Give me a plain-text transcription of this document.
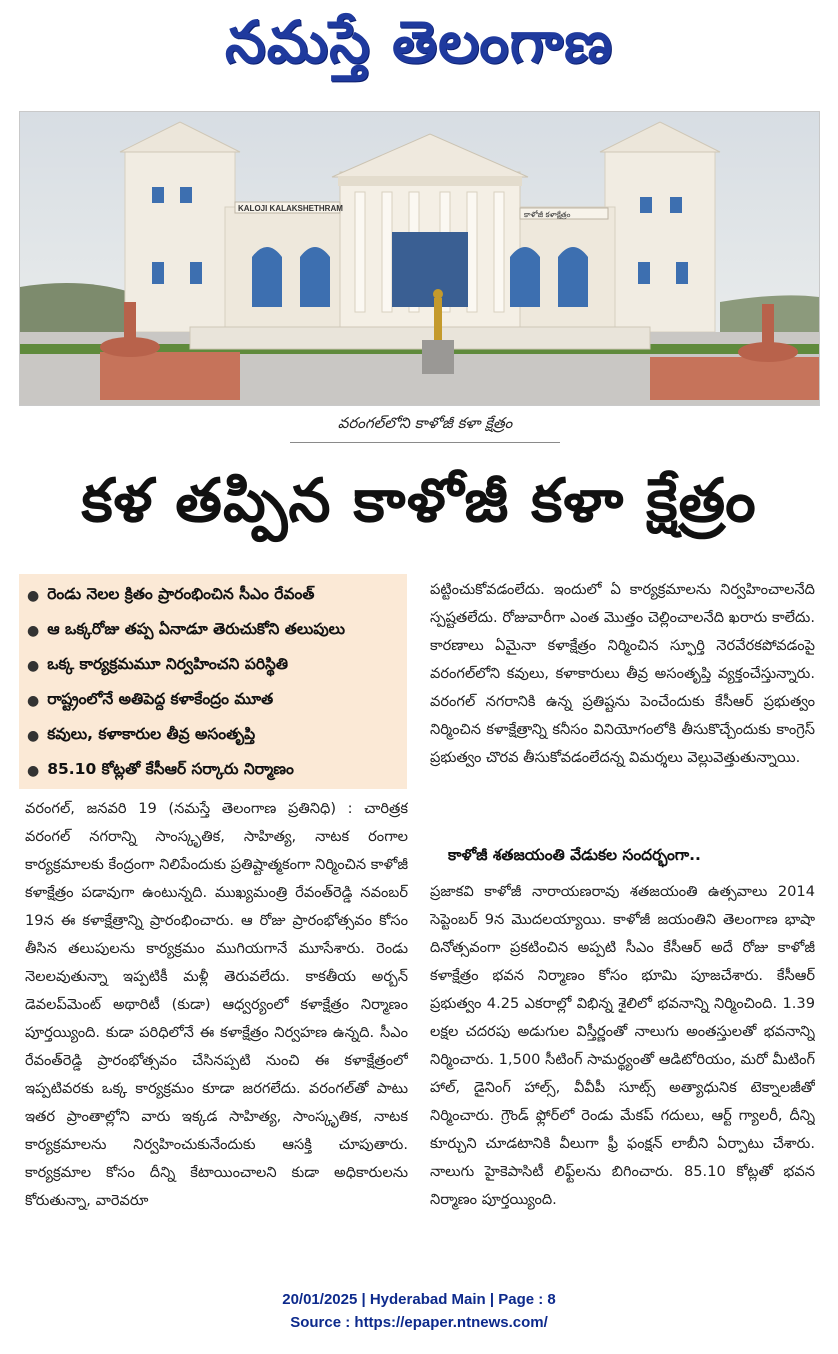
నమస్తే తెలంగాణ
KALOJI KALAKSHETHRAM
కాళోజీ కళాక్షేత్రం
వరంగల్‌లోని కాళోజీ కళా క్షేత్రం
కళ తప్పిన కాళోజీ కళా క్షేత్రం
● రెండు నెలల క్రితం ప్రారంభించిన సీఎం రేవంత్
● ఆ ఒక్కరోజు తప్ప ఏనాడూ తెరుచుకోని తలుపులు
● ఒక్క కార్యక్రమమూ నిర్వహించని పరిస్థితి
● రాష్ట్రంలోనే అతిపెద్ద కళాకేంద్రం మూత
● కవులు, కళాకారుల తీవ్ర అసంతృప్తి
● 85.10 కోట్లతో కేసీఆర్ సర్కారు నిర్మాణం
వరంగల్, జనవరి 19 (నమస్తే తెలంగాణ ప్రతినిధి) : చారిత్రక వరంగల్ నగరాన్ని సాంస్కృతిక, సాహిత్య, నాటక రంగాల కార్యక్రమాలకు కేంద్రంగా నిలిపేందుకు ప్రతిష్టాత్మకంగా నిర్మించిన కాళోజీ కళాక్షేత్రం పడావుగా ఉంటున్నది. ముఖ్యమంత్రి రేవంత్‌రెడ్డి నవంబర్ 19న ఈ కళాక్షేత్రాన్ని ప్రారంభించారు. ఆ రోజు ప్రారంభోత్సవం కోసం తీసిన తలుపులను కార్యక్రమం ముగియగానే మూసేశారు. రెండు నెలలవుతున్నా ఇప్పటికీ మళ్లీ తెరువలేదు. కాకతీయ అర్బన్ డెవలప్‌మెంట్ అథారిటీ (కుడా) ఆధ్వర్యంలో కళాక్షేత్రం నిర్మాణం పూర్తయ్యింది. కుడా పరిధిలోనే ఈ కళాక్షేత్రం నిర్వహణ ఉన్నది. సీఎం రేవంత్‌రెడ్డి ప్రారంభోత్సవం చేసినప్పటి నుంచి ఈ కళాక్షేత్రంలో ఇప్పటివరకు ఒక్క కార్యక్రమం కూడా జరగలేదు. వరంగల్‌తో పాటు ఇతర ప్రాంతాల్లోని వారు ఇక్కడ సాహిత్య, సాంస్కృతిక, నాటక కార్యక్రమాలను నిర్వహించుకునేందుకు ఆసక్తి చూపుతారు. కార్యక్రమాల కోసం దీన్ని కేటాయించాలని కుడా అధికారులను కోరుతున్నా, వారెవరూ
పట్టించుకోవడంలేదు. ఇందులో ఏ కార్యక్రమాలను నిర్వహించాలనేది స్పష్టతలేదు. రోజువారీగా ఎంత మొత్తం చెల్లించాలనేది ఖరారు కాలేదు. కారణాలు ఏమైనా కళాక్షేత్రం నిర్మించిన స్ఫూర్తి నెరవేరకపోవడంపై వరంగల్‌లోని కవులు, కళాకారులు తీవ్ర అసంతృప్తి వ్యక్తంచేస్తున్నారు. వరంగల్ నగరానికి ఉన్న ప్రతిష్టను పెంచేందుకు కేసీఆర్ ప్రభుత్వం నిర్మించిన కళాక్షేత్రాన్ని కనీసం వినియోగంలోకి తీసుకొచ్చేందుకు కాంగ్రెస్ ప్రభుత్వం చొరవ తీసుకోవడంలేదన్న విమర్శలు వెల్లువెత్తుతున్నాయి.
కాళోజీ శతజయంతి వేడుకల సందర్భంగా..
ప్రజాకవి కాళోజీ నారాయణరావు శతజయంతి ఉత్సవాలు 2014 సెప్టెంబర్ 9న మొదలయ్యాయి. కాళోజీ జయంతిని తెలంగాణ భాషా దినోత్సవంగా ప్రకటించిన అప్పటి సీఎం కేసీఆర్ అదే రోజు కాళోజీ కళాక్షేత్రం భవన నిర్మాణం కోసం భూమి పూజచేశారు. కేసీఆర్ ప్రభుత్వం 4.25 ఎకరాల్లో విభిన్న శైలిలో భవనాన్ని నిర్మించింది. 1.39 లక్షల చదరపు అడుగుల విస్తీర్ణంతో నాలుగు అంతస్తులతో భవనాన్ని నిర్మించారు. 1,500 సీటింగ్ సామర్థ్యంతో ఆడిటోరియం, మరో మీటింగ్ హాల్, డైనింగ్ హాల్స్, వీవీపీ సూట్స్ అత్యాధునిక టెక్నాలజీతో నిర్మించారు. గ్రౌండ్ ఫ్లోర్‌లో రెండు మేకప్ గదులు, ఆర్ట్ గ్యాలరీ, దీన్ని కూర్చుని చూడటానికి వీలుగా ఫ్రీ ఫంక్షన్ లాబీని ఏర్పాటు చేశారు. నాలుగు హైకెపాసిటీ లిఫ్ట్‌లను బిగించారు. 85.10 కోట్లతో భవన నిర్మాణం పూర్తయ్యింది.
20/01/2025 | Hyderabad Main | Page : 8
Source : https://epaper.ntnews.com/
